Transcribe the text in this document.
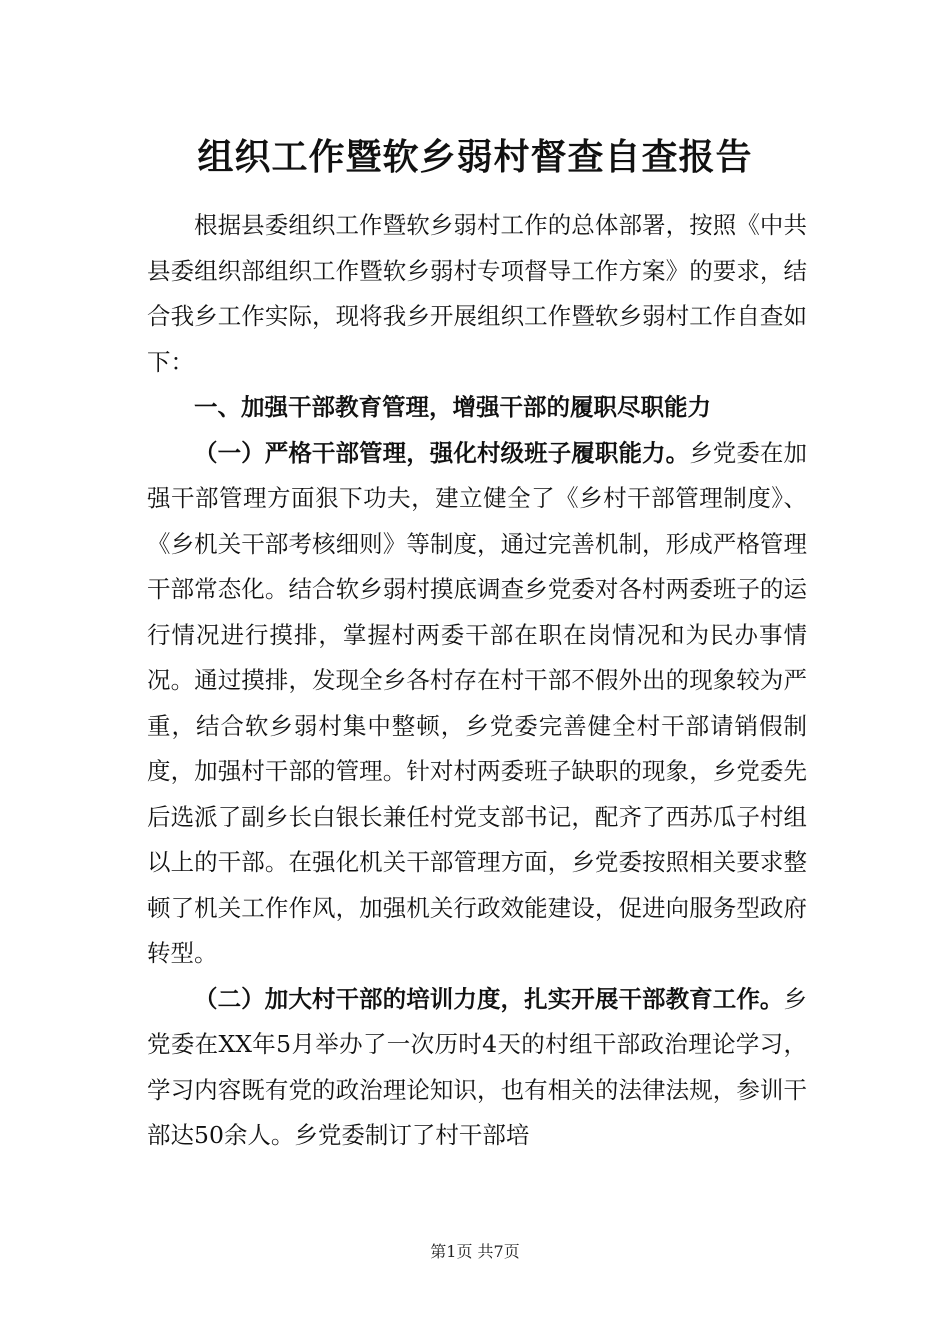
组织工作暨软乡弱村督查自查报告

根据县委组织工作暨软乡弱村工作的总体部署，按照《中共县委组织部组织工作暨软乡弱村专项督导工作方案》的要求，结合我乡工作实际，现将我乡开展组织工作暨软乡弱村工作自查如下：

一、加强干部教育管理，增强干部的履职尽职能力

（一）严格干部管理，强化村级班子履职能力。乡党委在加强干部管理方面狠下功夫，建立健全了《乡村干部管理制度》、《乡机关干部考核细则》等制度，通过完善机制，形成严格管理干部常态化。结合软乡弱村摸底调查乡党委对各村两委班子的运行情况进行摸排，掌握村两委干部在职在岗情况和为民办事情况。通过摸排，发现全乡各村存在村干部不假外出的现象较为严重，结合软乡弱村集中整顿，乡党委完善健全村干部请销假制度，加强村干部的管理。针对村两委班子缺职的现象，乡党委先后选派了副乡长白银长兼任村党支部书记，配齐了西苏瓜子村组以上的干部。在强化机关干部管理方面，乡党委按照相关要求整顿了机关工作作风，加强机关行政效能建设，促进向服务型政府转型。

（二）加大村干部的培训力度，扎实开展干部教育工作。乡党委在XX年5月举办了一次历时4天的村组干部政治理论学习，学习内容既有党的政治理论知识，也有相关的法律法规，参训干部达50余人。乡党委制订了村干部培

第1页 共7页
